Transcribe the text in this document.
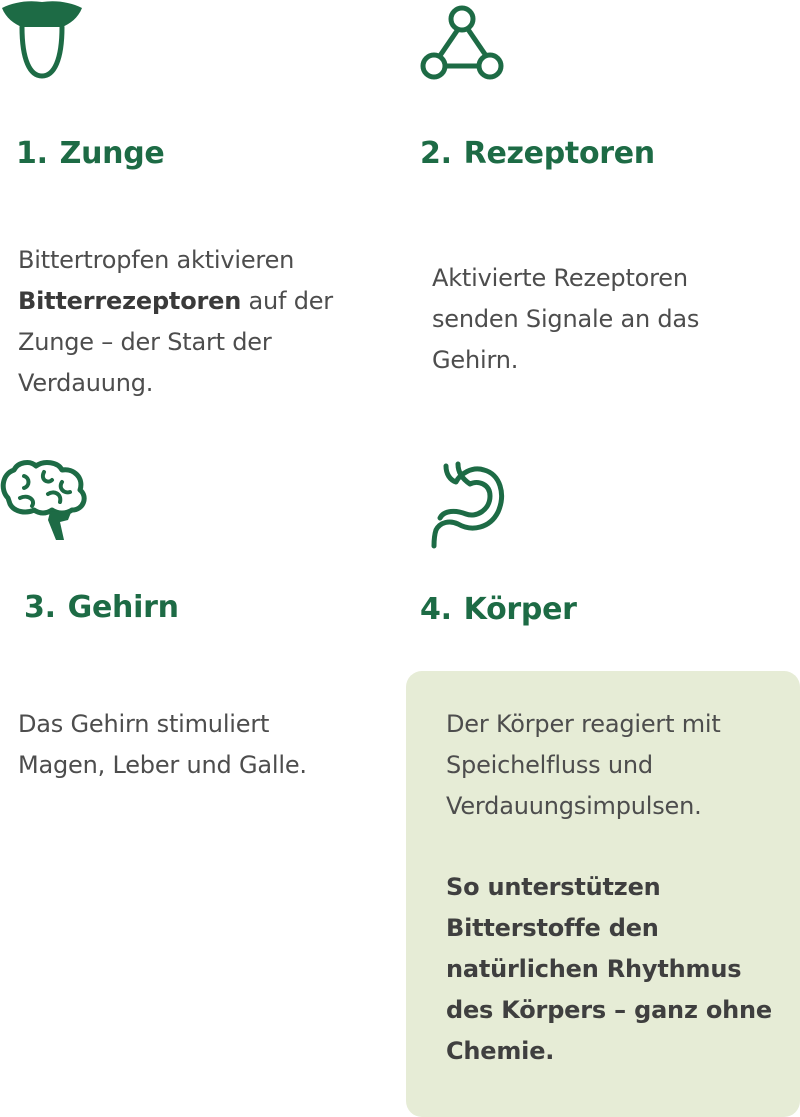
1. Zunge

Bittertropfen aktivieren Bitterrezeptoren auf der Zunge – der Start der Verdauung.

2. Rezeptoren

Aktivierte Rezeptoren senden Signale an das Gehirn.

3. Gehirn

Das Gehirn stimuliert Magen, Leber und Galle.

4. Körper

Der Körper reagiert mit Speichelfluss und Verdauungsimpulsen.

So unterstützen Bitterstoffe den natürlichen Rhythmus des Körpers – ganz ohne Chemie.
